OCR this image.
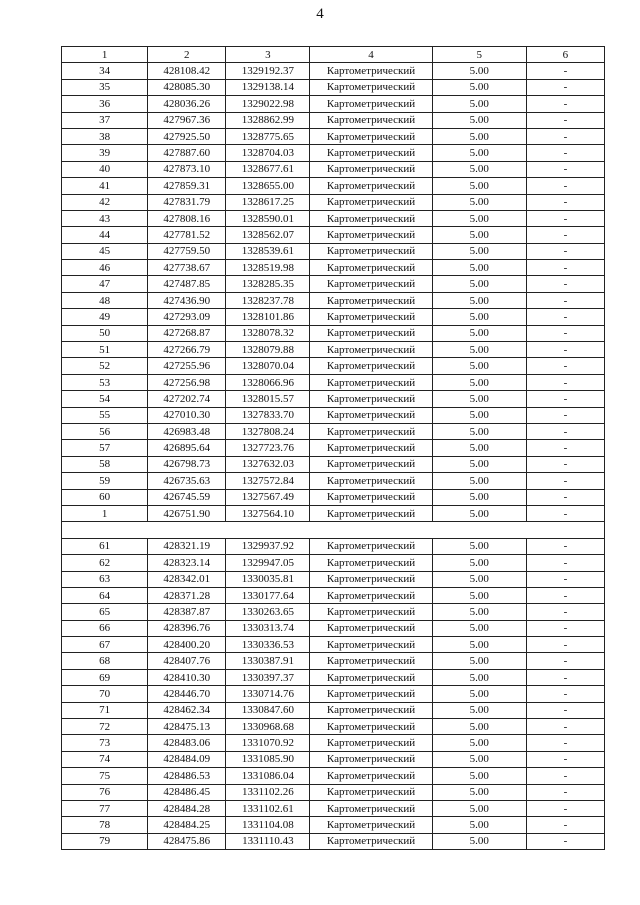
4
1	2	3	4	5	6
34	428108.42	1329192.37	Картометрический	5.00	-
35	428085.30	1329138.14	Картометрический	5.00	-
36	428036.26	1329022.98	Картометрический	5.00	-
37	427967.36	1328862.99	Картометрический	5.00	-
38	427925.50	1328775.65	Картометрический	5.00	-
39	427887.60	1328704.03	Картометрический	5.00	-
40	427873.10	1328677.61	Картометрический	5.00	-
41	427859.31	1328655.00	Картометрический	5.00	-
42	427831.79	1328617.25	Картометрический	5.00	-
43	427808.16	1328590.01	Картометрический	5.00	-
44	427781.52	1328562.07	Картометрический	5.00	-
45	427759.50	1328539.61	Картометрический	5.00	-
46	427738.67	1328519.98	Картометрический	5.00	-
47	427487.85	1328285.35	Картометрический	5.00	-
48	427436.90	1328237.78	Картометрический	5.00	-
49	427293.09	1328101.86	Картометрический	5.00	-
50	427268.87	1328078.32	Картометрический	5.00	-
51	427266.79	1328079.88	Картометрический	5.00	-
52	427255.96	1328070.04	Картометрический	5.00	-
53	427256.98	1328066.96	Картометрический	5.00	-
54	427202.74	1328015.57	Картометрический	5.00	-
55	427010.30	1327833.70	Картометрический	5.00	-
56	426983.48	1327808.24	Картометрический	5.00	-
57	426895.64	1327723.76	Картометрический	5.00	-
58	426798.73	1327632.03	Картометрический	5.00	-
59	426735.63	1327572.84	Картометрический	5.00	-
60	426745.59	1327567.49	Картометрический	5.00	-
1	426751.90	1327564.10	Картометрический	5.00	-

61	428321.19	1329937.92	Картометрический	5.00	-
62	428323.14	1329947.05	Картометрический	5.00	-
63	428342.01	1330035.81	Картометрический	5.00	-
64	428371.28	1330177.64	Картометрический	5.00	-
65	428387.87	1330263.65	Картометрический	5.00	-
66	428396.76	1330313.74	Картометрический	5.00	-
67	428400.20	1330336.53	Картометрический	5.00	-
68	428407.76	1330387.91	Картометрический	5.00	-
69	428410.30	1330397.37	Картометрический	5.00	-
70	428446.70	1330714.76	Картометрический	5.00	-
71	428462.34	1330847.60	Картометрический	5.00	-
72	428475.13	1330968.68	Картометрический	5.00	-
73	428483.06	1331070.92	Картометрический	5.00	-
74	428484.09	1331085.90	Картометрический	5.00	-
75	428486.53	1331086.04	Картометрический	5.00	-
76	428486.45	1331102.26	Картометрический	5.00	-
77	428484.28	1331102.61	Картометрический	5.00	-
78	428484.25	1331104.08	Картометрический	5.00	-
79	428475.86	1331110.43	Картометрический	5.00	-
